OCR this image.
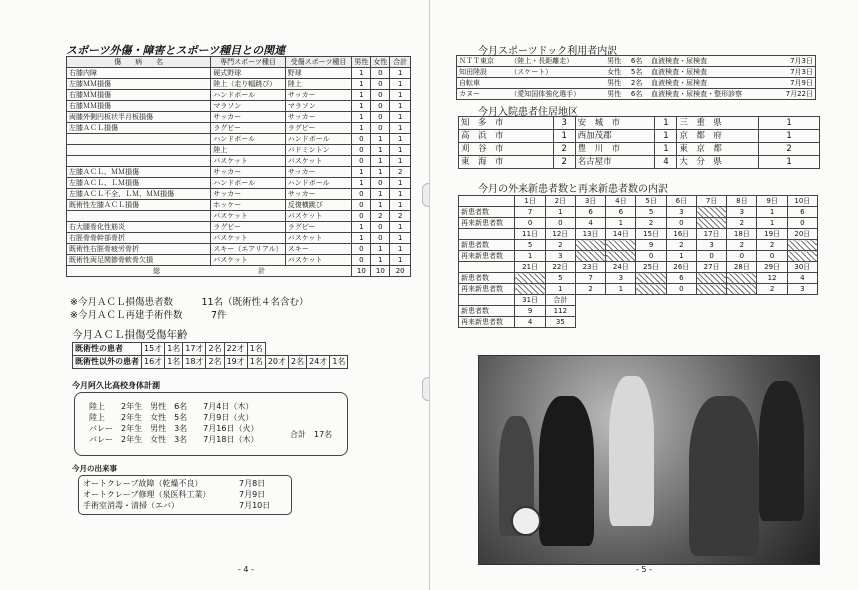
スポーツ外傷・障害とスポーツ種目との関連
傷　　病　　名	専門スポーツ種目	受傷スポーツ種目	男性	女性	合計
右膝内障	硬式野球	野球	1	0	1
左膝ＭＭ損傷	陸上（走り幅跳び）	陸上	1	0	1
右膝ＭＭ損傷	ハンドボール	サッカー	1	0	1
右膝ＭＭ損傷	マラソン	マラソン	1	0	1
両膝外側円板状半月板損傷	サッカー	サッカー	1	0	1
左膝ＡＣＬ損傷	ラグビー	ラグビー	1	0	1
	ハンドボール	ハンドボール	0	1	1
	陸上	バドミントン	0	1	1
	バスケット	バスケット	0	1	1
左膝ＡＣＬ、ＭＭ損傷	サッカー	サッカー	1	1	2
左膝ＡＣＬ、ＬＭ損傷	ハンドボール	ハンドボール	1	0	1
左膝ＡＣＬ不全、ＬＭ、ＭＭ損傷	サッカー	サッカー	0	1	1
既術性左膝ＡＣＬ損傷	ホッケー	反復横跳び	0	1	1
	バスケット	バスケット	0	2	2
右大腿骨化性筋炎	ラグビー	ラグビー	1	0	1
右脛骨骨幹部骨折	バスケット	バスケット	1	0	1
既術性右脛骨疲労骨折	スキー（エアリアル）	スキー	0	1	1
既術性両足関節骨軟骨欠損	バスケット	バスケット	0	1	1
総　　　　　　　　　　　　　　計			10	10	20
※今月ＡＣＬ損傷患者数　　　11名（既術性４名含む）
※今月ＡＣＬ再建手術件数　　　7件
今月ＡＣＬ損傷受傷年齢
既術性の患者	15才	1名	17才	2名	22才	1名				
既術性以外の患者	16才	1名	18才	2名	19才	1名	20才	2名	24才	1名
今月阿久比高校身体計測
陸上　　2年生　男性　6名　　7月4日（木）
陸上　　2年生　女性　5名　　7月9日（火）
バレー　2年生　男性　3名　　7月16日（火）
バレー　2年生　女性　3名　　7月18日（木）
合計　17名
今月の出来事
オートクレーブ故障（乾燥不良）	7月8日
オートクレーブ修理（泉医科工業）	7月9日
手術室消毒・清掃（エバ）	7月10日
- 4 -
今月スポーツドック利用者内訳
ＮＴＴ東京	（陸上・長距離走）	男性	6名	血液検査・尿検査	7月3日
知田陸設	（スケート）	女性	5名	血液検査・尿検査	7月3日
自転車		男性	2名	血液検査・尿検査	7月9日
カヌー	（愛知国体強化選手）	男性	6名	血液検査・尿検査・整形診察	7月22日
今月入院患者住居地区
知　多　市	3	安　城　市	1	三　重　県	1
高　浜　市	1	西加茂郡	1	京　都　府	1
刈　谷　市	2	豊　川　市	1	東　京　都	2
東　海　市	2	名古屋市	4	大　分　県	1
今月の外来新患者数と再来新患者数の内訳
	1日	2日	3日	4日	5日	6日	7日	8日	9日	10日
新患者数	7	1	6	6	5	3		3	1	6
再来新患者数	0	0	4	1	2	0		2	1	0
	11日	12日	13日	14日	15日	16日	17日	18日	19日	20日
新患者数	5	2			9	2	3	2	2	
再来新患者数	1	3			0	1	0	0	0	
	21日	22日	23日	24日	25日	26日	27日	28日	29日	30日
新患者数		5	7	3		6			12	4
再来新患者数		1	2	1		0			2	3
	31日	合計								
新患者数	9	112								
再来新患者数	4	35								
- 5 -
